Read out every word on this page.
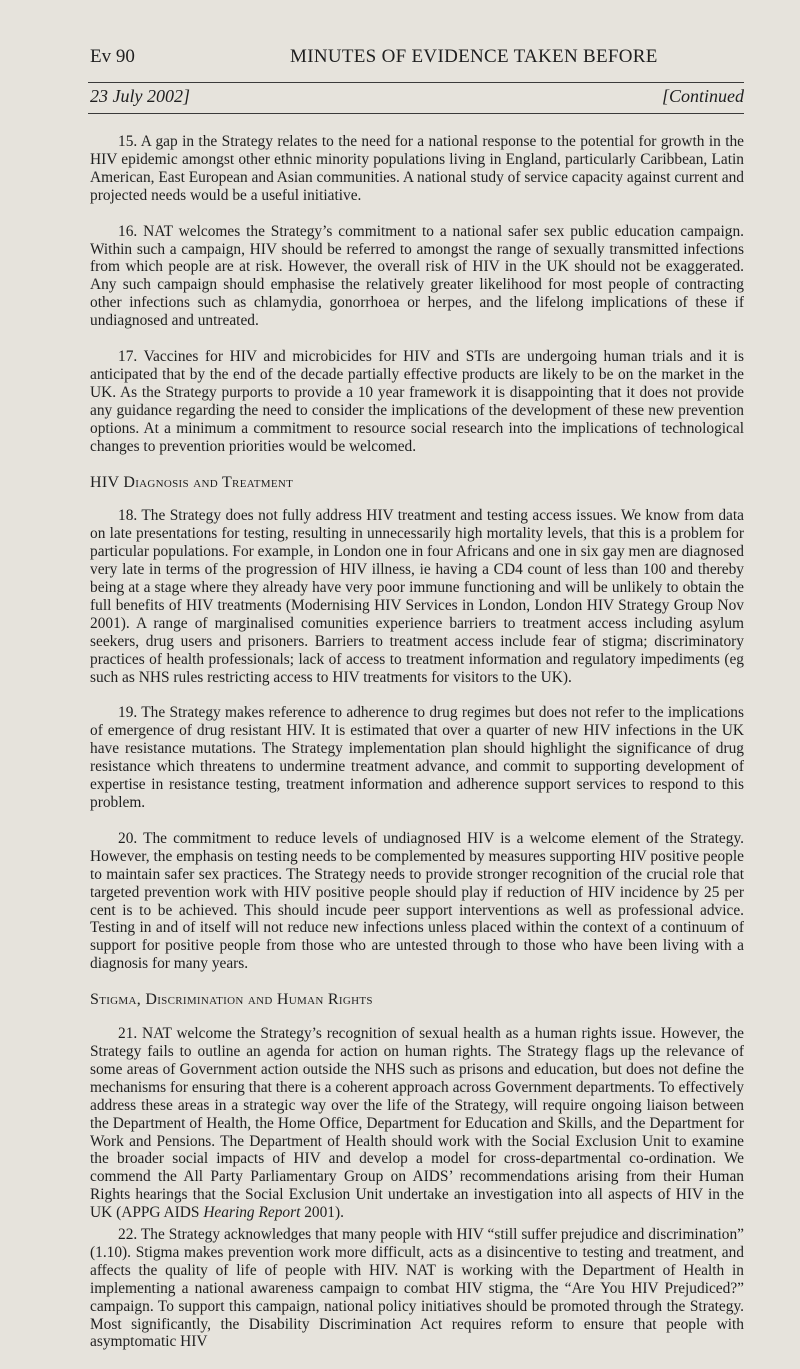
Ev 90	MINUTES OF EVIDENCE TAKEN BEFORE
23 July 2002]	[Continued

15. A gap in the Strategy relates to the need for a national response to the potential for growth in the HIV epidemic amongst other ethnic minority populations living in England, particularly Caribbean, Latin American, East European and Asian communities. A national study of service capacity against current and projected needs would be a useful initiative.

16. NAT welcomes the Strategy’s commitment to a national safer sex public education campaign. Within such a campaign, HIV should be referred to amongst the range of sexually transmitted infections from which people are at risk. However, the overall risk of HIV in the UK should not be exaggerated. Any such campaign should emphasise the relatively greater likelihood for most people of contracting other infections such as chlamydia, gonorrhoea or herpes, and the lifelong implications of these if undiagnosed and untreated.

17. Vaccines for HIV and microbicides for HIV and STIs are undergoing human trials and it is anticipated that by the end of the decade partially effective products are likely to be on the market in the UK. As the Strategy purports to provide a 10 year framework it is disappointing that it does not provide any guidance regarding the need to consider the implications of the development of these new prevention options. At a minimum a commitment to resource social research into the implications of technological changes to prevention priorities would be welcomed.

HIV Diagnosis and Treatment

18. The Strategy does not fully address HIV treatment and testing access issues. We know from data on late presentations for testing, resulting in unnecessarily high mortality levels, that this is a problem for particular populations. For example, in London one in four Africans and one in six gay men are diagnosed very late in terms of the progression of HIV illness, ie having a CD4 count of less than 100 and thereby being at a stage where they already have very poor immune functioning and will be unlikely to obtain the full benefits of HIV treatments (Modernising HIV Services in London, London HIV Strategy Group Nov 2001). A range of marginalised comunities experience barriers to treatment access including asylum seekers, drug users and prisoners. Barriers to treatment access include fear of stigma; discriminatory practices of health professionals; lack of access to treatment information and regulatory impediments (eg such as NHS rules restricting access to HIV treatments for visitors to the UK).

19. The Strategy makes reference to adherence to drug regimes but does not refer to the implications of emergence of drug resistant HIV. It is estimated that over a quarter of new HIV infections in the UK have resistance mutations. The Strategy implementation plan should highlight the significance of drug resistance which threatens to undermine treatment advance, and commit to supporting development of expertise in resistance testing, treatment information and adherence support services to respond to this problem.

20. The commitment to reduce levels of undiagnosed HIV is a welcome element of the Strategy. However, the emphasis on testing needs to be complemented by measures supporting HIV positive people to maintain safer sex practices. The Strategy needs to provide stronger recognition of the crucial role that targeted prevention work with HIV positive people should play if reduction of HIV incidence by 25 per cent is to be achieved. This should incude peer support interventions as well as professional advice. Testing in and of itself will not reduce new infections unless placed within the context of a continuum of support for positive people from those who are untested through to those who have been living with a diagnosis for many years.

Stigma, Discrimination and Human Rights

21. NAT welcome the Strategy’s recognition of sexual health as a human rights issue. However, the Strategy fails to outline an agenda for action on human rights. The Strategy flags up the relevance of some areas of Government action outside the NHS such as prisons and education, but does not define the mechanisms for ensuring that there is a coherent approach across Government departments. To effectively address these areas in a strategic way over the life of the Strategy, will require ongoing liaison between the Department of Health, the Home Office, Department for Education and Skills, and the Department for Work and Pensions. The Department of Health should work with the Social Exclusion Unit to examine the broader social impacts of HIV and develop a model for cross-departmental co-ordination. We commend the All Party Parliamentary Group on AIDS’ recommendations arising from their Human Rights hearings that the Social Exclusion Unit undertake an investigation into all aspects of HIV in the UK (APPG AIDS Hearing Report 2001).

22. The Strategy acknowledges that many people with HIV “still suffer prejudice and discrimination” (1.10). Stigma makes prevention work more difficult, acts as a disincentive to testing and treatment, and affects the quality of life of people with HIV. NAT is working with the Department of Health in implementing a national awareness campaign to combat HIV stigma, the “Are You HIV Prejudiced?” campaign. To support this campaign, national policy initiatives should be promoted through the Strategy. Most significantly, the Disability Discrimination Act requires reform to ensure that people with asymptomatic HIV
